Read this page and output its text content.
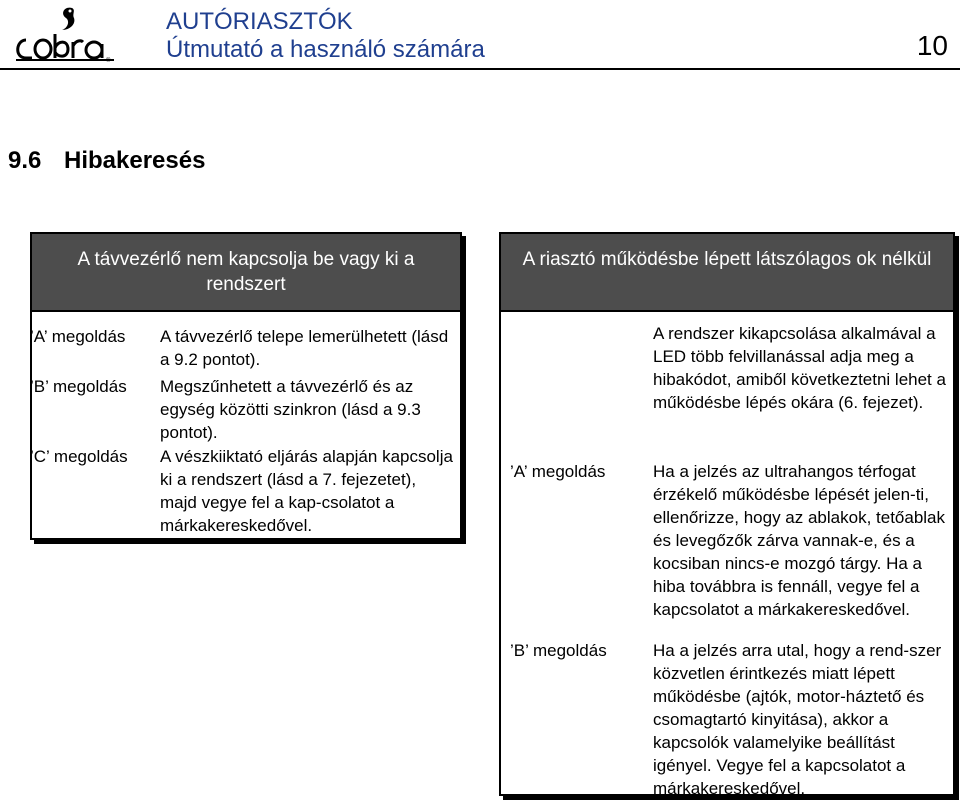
®
AUTÓRIASZTÓK
Útmutató a használó számára	10
9.6 Hibakeresés
A távvezérlő nem kapcsolja be vagy ki a rendszert
’A’ megoldás A távvezérlő telepe lemerülhetett (lásd a 9.2 pontot).
’B’ megoldás Megszűnhetett a távvezérlő és az egység közötti szinkron (lásd a 9.3 pontot).
’C’ megoldás A vészkiiktató eljárás alapján kapcsolja ki a rendszert (lásd a 7. fejezetet), majd vegye fel a kap-csolatot a márkakereskedővel.
A riasztó működésbe lépett látszólagos ok nélkül
A rendszer kikapcsolása alkalmával a LED több felvillanással adja meg a hibakódot, amiből következtetni lehet a működésbe lépés okára (6. fejezet).
’A’ megoldás	Ha a jelzés az ultrahangos térfogat érzékelő működésbe lépését jelen-ti, ellenőrizze, hogy az ablakok, tetőablak és levegőzők zárva vannak-e, és a kocsiban nincs-e mozgó tárgy. Ha a hiba továbbra is fennáll, vegye fel a kapcsolatot a márkakereskedővel.
’B’ megoldás	Ha a jelzés arra utal, hogy a rend-szer közvetlen érintkezés miatt lépett működésbe (ajtók, motor-háztető és csomagtartó kinyitása), akkor a kapcsolók valamelyike beállítást igényel. Vegye fel a kapcsolatot a márkakereskedővel.
